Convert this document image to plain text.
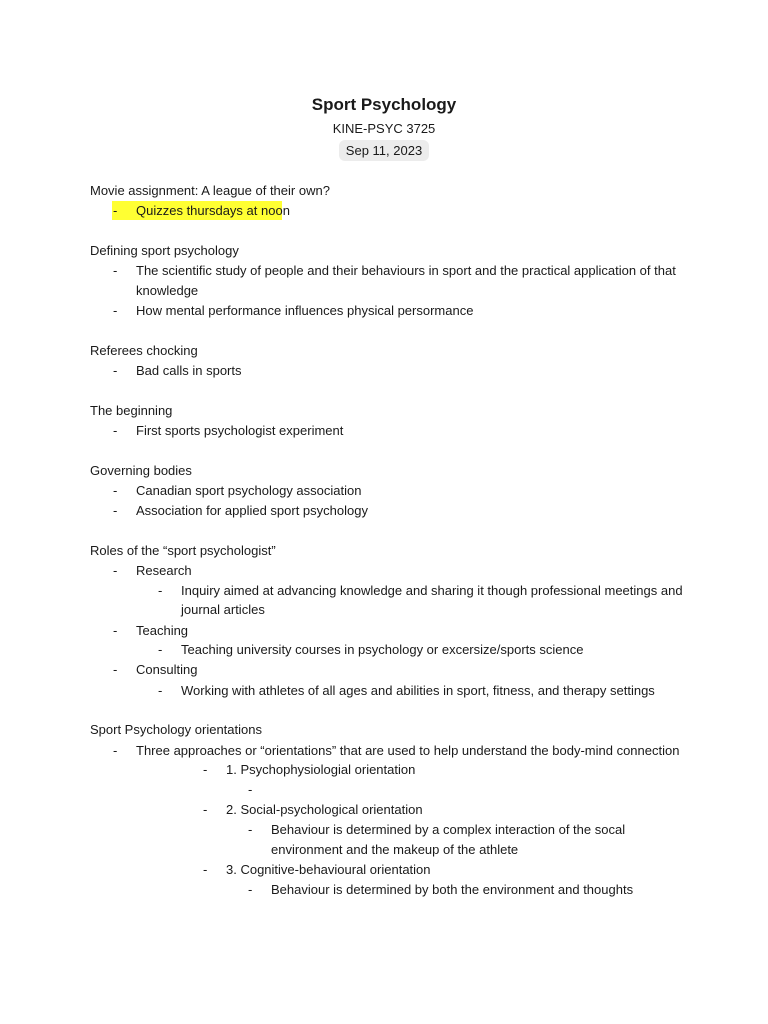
Sport Psychology
KINE-PSYC 3725
Sep 11, 2023
Movie assignment: A league of their own?
- Quizzes thursdays at noon
Defining sport psychology
- The scientific study of people and their behaviours in sport and the practical application of that
knowledge
- How mental performance influences physical persormance
Referees chocking
- Bad calls in sports
The beginning
- First sports psychologist experiment
Governing bodies
- Canadian sport psychology association
- Association for applied sport psychology
Roles of the “sport psychologist”
- Research
- Inquiry aimed at advancing knowledge and sharing it though professional meetings and
journal articles
- Teaching
- Teaching university courses in psychology or excersize/sports science
- Consulting
- Working with athletes of all ages and abilities in sport, fitness, and therapy settings
Sport Psychology orientations
- Three approaches or “orientations” that are used to help understand the body-mind connection
- 1. Psychophysiologial orientation
-
- 2. Social-psychological orientation
- Behaviour is determined by a complex interaction of the socal
environment and the makeup of the athlete
- 3. Cognitive-behavioural orientation
- Behaviour is determined by both the environment and thoughts
